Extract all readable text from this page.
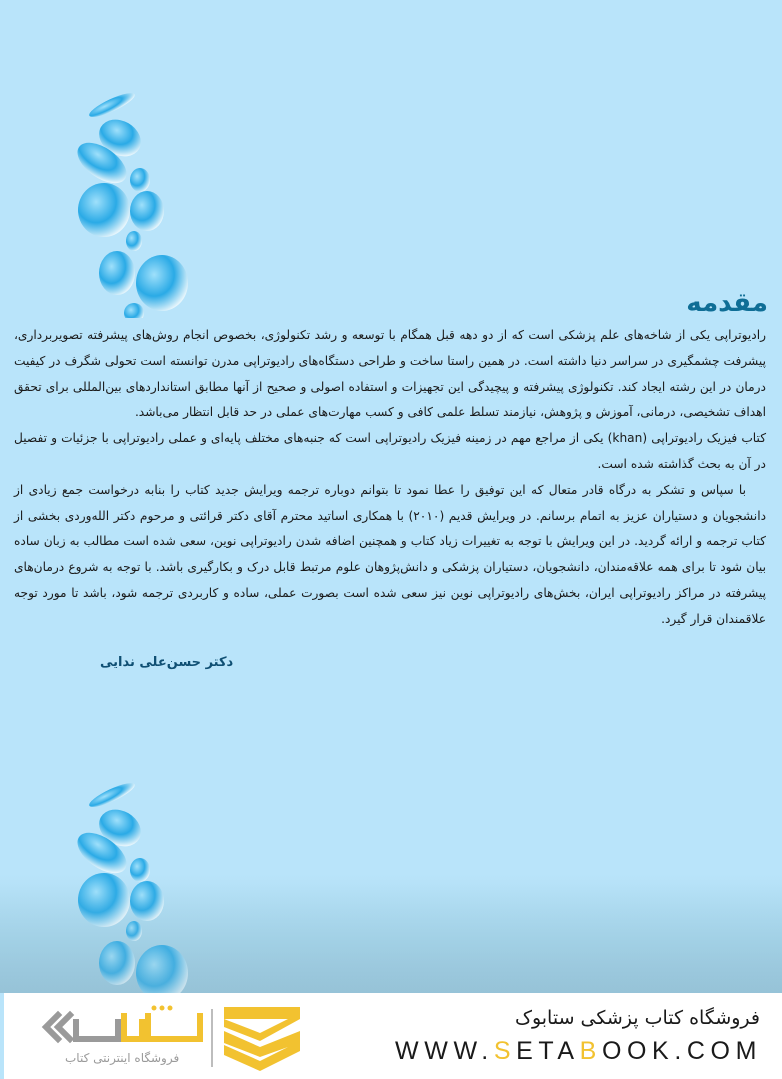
مقدمه

رادیوتراپی یکی از شاخه‌های علم پزشکی است که از دو دهه قبل همگام با توسعه و رشد تکنولوژی، بخصوص انجام روش‌های پیشرفته تصویربرداری، پیشرفت چشمگیری در سراسر دنیا داشته است. در همین راستا ساخت و طراحی دستگاه‌های رادیوتراپی مدرن توانسته است تحولی شگرف در کیفیت درمان در این رشته ایجاد کند. تکنولوژی پیشرفته و پیچیدگی این تجهیزات و استفاده اصولی و صحیح از آنها مطابق استانداردهای بین‌المللی برای تحقق اهداف تشخیصی، درمانی، آموزش و پژوهش، نیازمند تسلط علمی کافی و کسب مهارت‌های عملی در حد قابل انتظار می‌باشد.

کتاب فیزیک رادیوتراپی (khan) یکی از مراجع مهم در زمینه فیزیک رادیوتراپی است که جنبه‌های مختلف پایه‌ای و عملی رادیوتراپی با جزئیات و تفصیل در آن به بحث گذاشته شده است.

با سپاس و تشکر به درگاه قادر متعال که این توفیق را عطا نمود تا بتوانم دوباره ترجمه ویرایش جدید کتاب را بنابه درخواست جمع زیادی از دانشجویان و دستیاران عزیز به اتمام برسانم. در ویرایش قدیم (۲۰۱۰) با همکاری اساتید محترم آقای دکتر قرائتی و مرحوم دکتر الله‌وردی بخشی از کتاب ترجمه و ارائه گردید. در این ویرایش با توجه به تغییرات زیاد کتاب و همچنین اضافه شدن رادیوتراپی نوین، سعی شده است مطالب به زبان ساده بیان شود تا برای همه علاقه‌مندان، دانشجویان، دستیاران پزشکی و دانش‌پژوهان علوم مرتبط قابل درک و بکارگیری باشد. با توجه به شروع درمان‌های پیشرفته در مراکز رادیوتراپی ایران، بخش‌های رادیوتراپی نوین نیز سعی شده است بصورت عملی، ساده و کاربردی ترجمه شود، باشد تا مورد توجه علاقمندان قرار گیرد.

دکتر حسن‌علی ندایی
فروشگاه اینترنتی کتاب
فروشگاه کتاب پزشکی ستابوک
WWW.SETABOOK.COM
